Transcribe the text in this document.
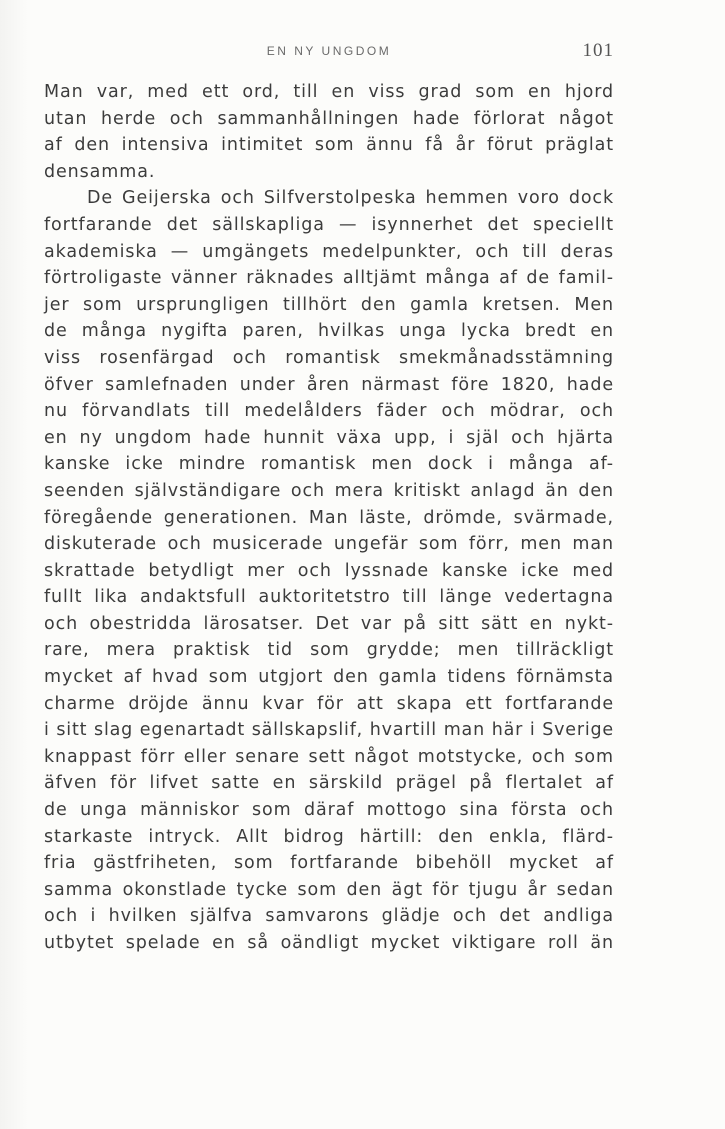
EN NY UNGDOM	101
Man var, med ett ord, till en viss grad som en hjord
utan herde och sammanhållningen hade förlorat något
af den intensiva intimitet som ännu få år förut präglat
densamma.
De Geijerska och Silfverstolpeska hemmen voro dock
fortfarande det sällskapliga — isynnerhet det speciellt
akademiska — umgängets medelpunkter, och till deras
förtroligaste vänner räknades alltjämt många af de famil-
jer som ursprungligen tillhört den gamla kretsen. Men
de många nygifta paren, hvilkas unga lycka bredt en
viss rosenfärgad och romantisk smekmånadsstämning
öfver samlefnaden under åren närmast före 1820, hade
nu förvandlats till medelålders fäder och mödrar, och
en ny ungdom hade hunnit växa upp, i själ och hjärta
kanske icke mindre romantisk men dock i många af-
seenden självständigare och mera kritiskt anlagd än den
föregående generationen. Man läste, drömde, svärmade,
diskuterade och musicerade ungefär som förr, men man
skrattade betydligt mer och lyssnade kanske icke med
fullt lika andaktsfull auktoritetstro till länge vedertagna
och obestridda lärosatser. Det var på sitt sätt en nykt-
rare, mera praktisk tid som grydde; men tillräckligt
mycket af hvad som utgjort den gamla tidens förnämsta
charme dröjde ännu kvar för att skapa ett fortfarande
i sitt slag egenartadt sällskapslif, hvartill man här i Sverige
knappast förr eller senare sett något motstycke, och som
äfven för lifvet satte en särskild prägel på flertalet af
de unga människor som däraf mottogo sina första och
starkaste intryck. Allt bidrog härtill: den enkla, flärd-
fria gästfriheten, som fortfarande bibehöll mycket af
samma okonstlade tycke som den ägt för tjugu år sedan
och i hvilken själfva samvarons glädje och det andliga
utbytet spelade en så oändligt mycket viktigare roll än
